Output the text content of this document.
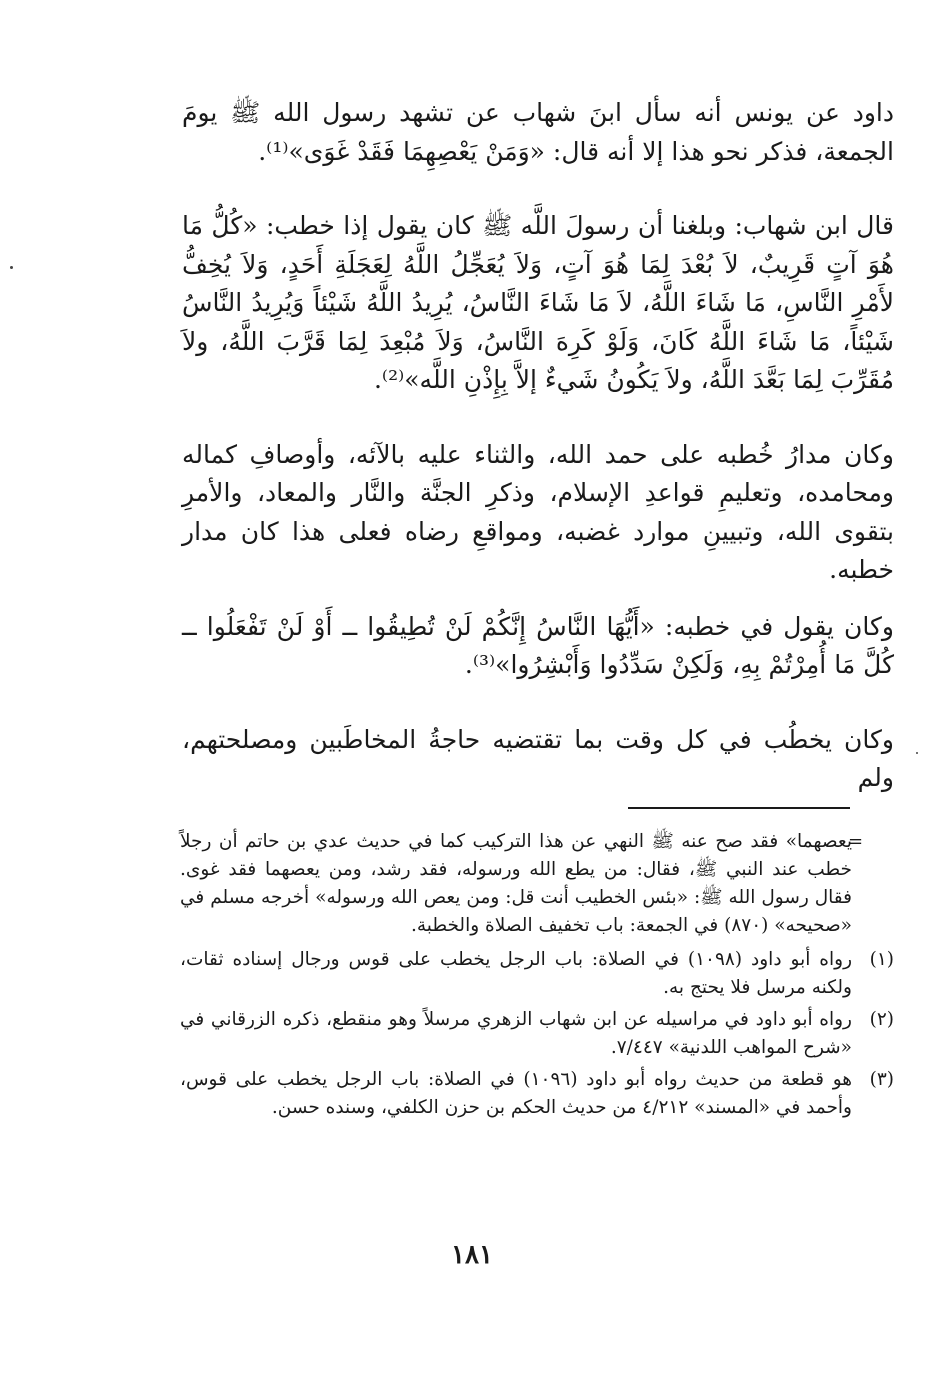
داود عن يونس أنه سأل ابنَ شهاب عن تشهد رسول الله ﷺ يومَ الجمعة، فذكر نحو هذا إلا أنه قال: «وَمَنْ يَعْصِهِمَا فَقَدْ غَوَى»⁽¹⁾.

قال ابن شهاب: وبلغنا أن رسولَ اللَّه ﷺ كان يقول إذا خطب: «كُلُّ مَا هُوَ آتٍ قَرِيبٌ، لاَ بُعْدَ لِمَا هُوَ آتٍ، وَلاَ يُعَجِّلُ اللَّهُ لِعَجَلَةِ أَحَدٍ، وَلاَ يُخِفُّ لأَمْرِ النَّاسِ، مَا شَاءَ اللَّهُ، لاَ مَا شَاءَ النَّاسُ، يُرِيدُ اللَّهُ شَيْئاً وَيُرِيدُ النَّاسُ شَيْئاً، مَا شَاءَ اللَّهُ كَانَ، وَلَوْ كَرِهَ النَّاسُ، وَلاَ مُبْعِدَ لِمَا قَرَّبَ اللَّهُ، ولاَ مُقَرِّبَ لِمَا بَعَّدَ اللَّهُ، ولاَ يَكُونُ شَيءٌ إلاَّ بِإِذْنِ اللَّه»⁽²⁾.

وكان مدارُ خُطبه على حمد الله، والثناء عليه بالآئه، وأوصافِ كماله ومحامده، وتعليمِ قواعدِ الإسلام، وذكرِ الجنَّة والنَّار والمعاد، والأمرِ بتقوى الله، وتبيينِ موارد غضبه، ومواقعِ رضاه فعلى هذا كان مدار خطبه.

وكان يقول في خطبه: «أَيُّهَا النَّاسُ إِنَّكُمْ لَنْ تُطِيقُوا ــ أَوْ لَنْ تَفْعَلُوا ــ كُلَّ مَا أُمِرْتُمْ بِهِ، وَلَكِنْ سَدِّدُوا وَأَبْشِرُوا»⁽³⁾.

وكان يخطُب في كل وقت بما تقتضيه حاجةُ المخاطَبين ومصلحتهم، ولم

=

يعصهما» فقد صح عنه ﷺ النهي عن هذا التركيب كما في حديث عدي بن حاتم أن رجلاً خطب عند النبي ﷺ، فقال: من يطع الله ورسوله، فقد رشد، ومن يعصهما فقد غوى. فقال رسول الله ﷺ: «بئس الخطيب أنت قل: ومن يعص الله ورسوله» أخرجه مسلم في «صحيحه» (٨٧٠) في الجمعة: باب تخفيف الصلاة والخطبة.

(١)
رواه أبو داود (١٠٩٨) في الصلاة: باب الرجل يخطب على قوس ورجال إسناده ثقات، ولكنه مرسل فلا يحتج به.

(٢)
رواه أبو داود في مراسيله عن ابن شهاب الزهري مرسلاً وهو منقطع، ذكره الزرقاني في «شرح المواهب اللدنية» ٧/٤٤٧.

(٣)
هو قطعة من حديث رواه أبو داود (١٠٩٦) في الصلاة: باب الرجل يخطب على قوس، وأحمد في «المسند» ٤/٢١٢ من حديث الحكم بن حزن الكلفي، وسنده حسن.

١٨١
